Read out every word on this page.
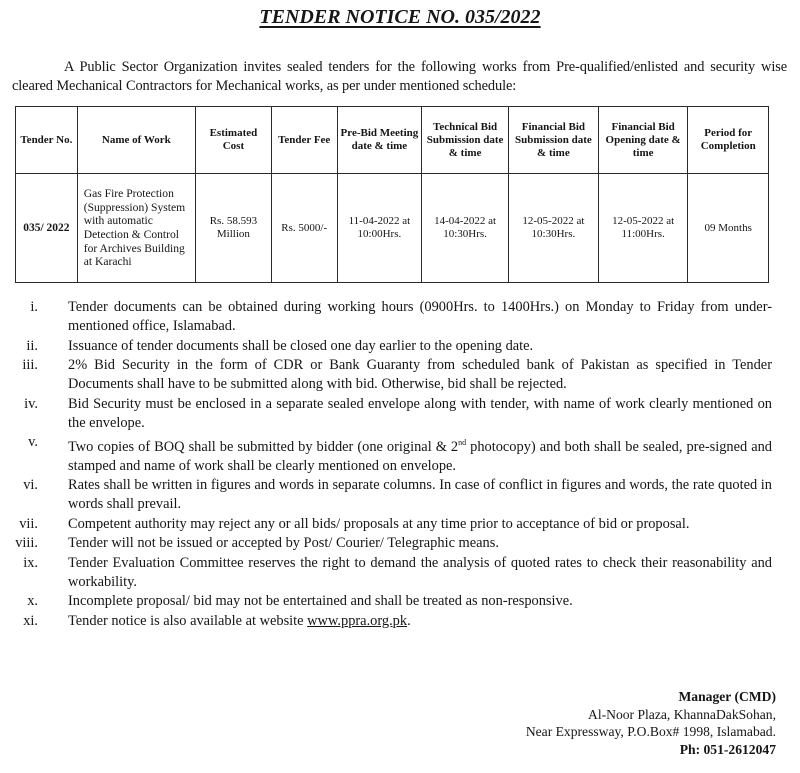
TENDER NOTICE NO. 035/2022

A Public Sector Organization invites sealed tenders for the following works from Pre-qualified/enlisted and security wise cleared Mechanical Contractors for Mechanical works, as per under mentioned schedule:

Tender No.	Name of Work	Estimated Cost	Tender Fee	Pre-Bid Meeting date & time	Technical Bid Submission date & time	Financial Bid Submission date & time	Financial Bid Opening date & time	Period for Completion
035/ 2022	Gas Fire Protection (Suppression) System with automatic Detection & Control for Archives Building at Karachi	Rs. 58.593 Million	Rs. 5000/-	11-04-2022 at 10:00Hrs.	14-04-2022 at 10:30Hrs.	12-05-2022 at 10:30Hrs.	12-05-2022 at 11:00Hrs.	09 Months
i. Tender documents can be obtained during working hours (0900Hrs. to 1400Hrs.) on Monday to Friday from under- mentioned office, Islamabad.
ii. Issuance of tender documents shall be closed one day earlier to the opening date.
iii. 2% Bid Security in the form of CDR or Bank Guaranty from scheduled bank of Pakistan as specified in Tender Documents shall have to be submitted along with bid. Otherwise, bid shall be rejected.
iv. Bid Security must be enclosed in a separate sealed envelope along with tender, with name of work clearly mentioned on the envelope.
v. Two copies of BOQ shall be submitted by bidder (one original & 2nd photocopy) and both shall be sealed, pre-signed and stamped and name of work shall be clearly mentioned on envelope.
vi. Rates shall be written in figures and words in separate columns. In case of conflict in figures and words, the rate quoted in words shall prevail.
vii. Competent authority may reject any or all bids/ proposals at any time prior to acceptance of bid or proposal.
viii. Tender will not be issued or accepted by Post/ Courier/ Telegraphic means.
ix. Tender Evaluation Committee reserves the right to demand the analysis of quoted rates to check their reasonability and workability.
x. Incomplete proposal/ bid may not be entertained and shall be treated as non-responsive.
xi. Tender notice is also available at website www.ppra.org.pk.
Manager (CMD)
Al-Noor Plaza, KhannaDakSohan,
Near Expressway, P.O.Box# 1998, Islamabad.
Ph: 051-2612047
